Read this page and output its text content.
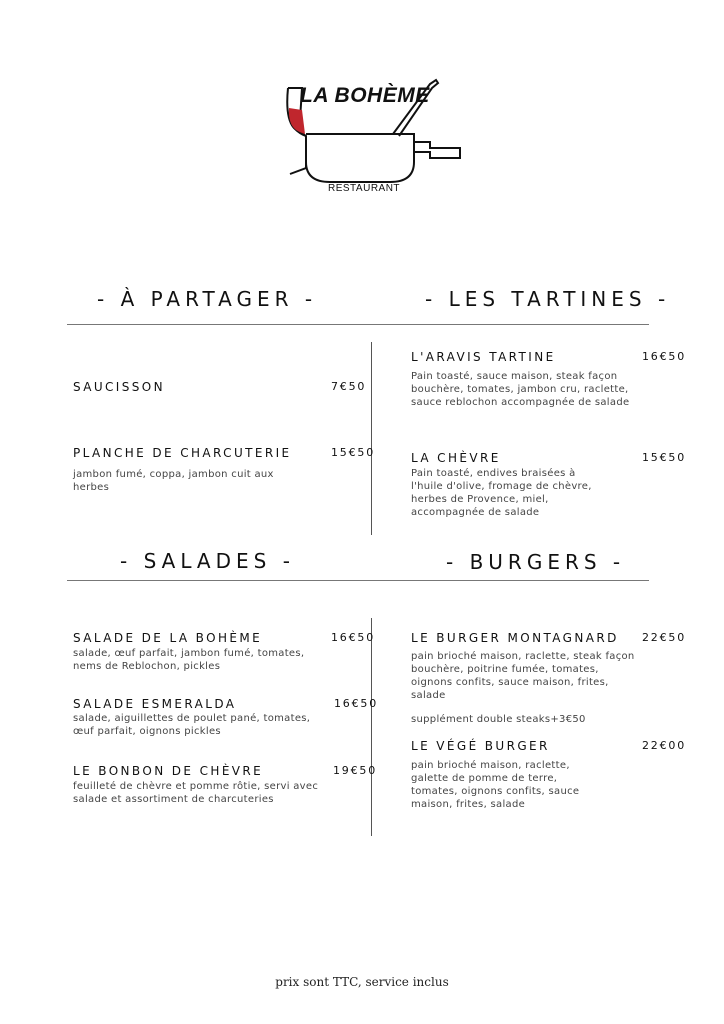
LA BOHÈME
RESTAURANT
- À PARTAGER -	- LES TARTINES -
SAUCISSON	7€50
PLANCHE DE CHARCUTERIE	15€50
jambon fumé, coppa, jambon cuit aux herbes
L'ARAVIS TARTINE	16€50
Pain toasté, sauce maison, steak façon bouchère, tomates, jambon cru, raclette, sauce reblochon accompagnée de salade
LA CHÈVRE	15€50
Pain toasté, endives braisées à l'huile d'olive, fromage de chèvre, herbes de Provence, miel, accompagnée de salade
- SALADES -	- BURGERS -
SALADE DE LA BOHÈME	16€50
salade, œuf parfait, jambon fumé, tomates, nems de Reblochon, pickles
SALADE ESMERALDA	16€50
salade, aiguillettes de poulet pané, tomates, œuf parfait, oignons pickles
LE BONBON DE CHÈVRE	19€50
feuilleté de chèvre et pomme rôtie, servi avec salade et assortiment de charcuteries
LE BURGER MONTAGNARD 22€50
pain brioché maison, raclette, steak façon bouchère, poitrine fumée, tomates, oignons confits, sauce maison, frites, salade
supplément double steaks+3€50
LE VÉGÉ BURGER	22€00
pain brioché maison, raclette, galette de pomme de terre, tomates, oignons confits, sauce maison, frites, salade
prix sont TTC, service inclus
